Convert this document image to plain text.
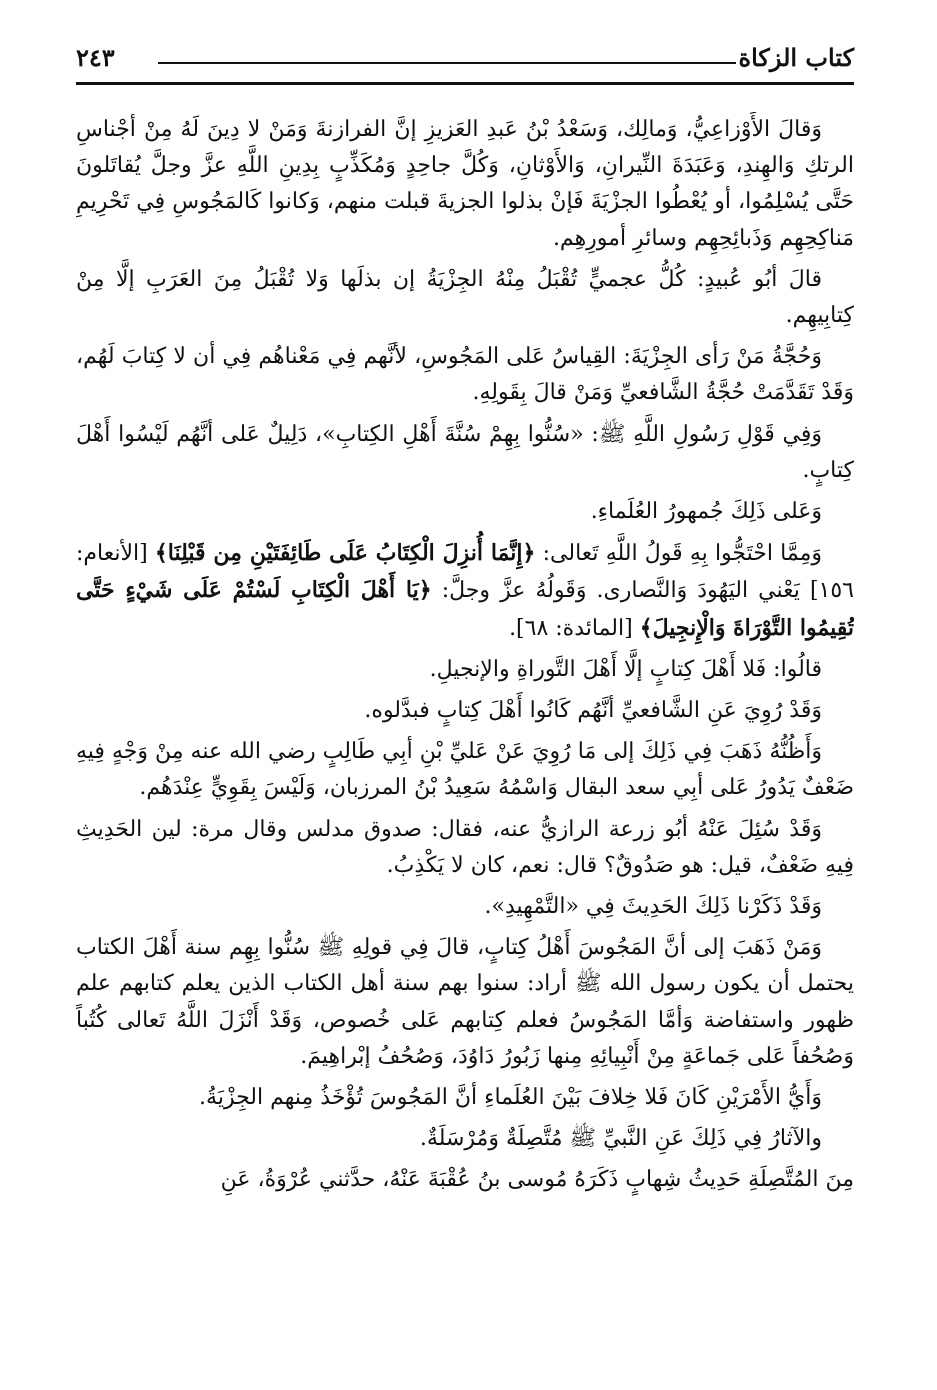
كتاب الزكاة
٢٤٣

وَقالَ الأَوْزاعِيُّ، وَمالِك، وَسَعْدُ بْنُ عَبدِ العَزيزِ إنَّ الفرازنةَ وَمَنْ لا دِينَ لَهُ مِنْ أجْناسِ الرتكِ وَالهِندِ، وَعَبَدَةَ النِّيرانِ، وَالأَوْثانِ، وَكُلَّ جاحِدٍ وَمُكَذِّبٍ بِدِينِ اللَّهِ عزَّ وجلَّ يُقاتَلونَ حَتَّى يُسْلِمُوا، أو يُعْطُوا الجزْيَةَ فَإنْ بذلوا الجزيةَ قبلت منهم، وَكانوا كَالمَجُوسِ فِي تَحْرِيمِ مَناكِحِهِم وَذَبائِحِهِم وسائرِ أمورِهِم.

قالَ أبُو عُبيدٍ: كُلُّ عجميٍّ تُقْبَلُ مِنْهُ الجِزْيَةُ إن بذلَها وَلا تُقْبَلُ مِنَ العَرَبِ إلَّا مِنْ كِتابِيهِم.

وَحُجَّةُ مَنْ رَأى الجِزْيَةَ: القِياسُ عَلى المَجُوسِ، لأنَّهم فِي مَعْناهُم فِي أن لا كِتابَ لَهُم، وَقَدْ تَقَدَّمَتْ حُجَّةُ الشَّافعيِّ وَمَنْ قالَ بِقَولِهِ.

وَفِي قَوْلِ رَسُولِ اللَّهِ ﷺ: «سُنُّوا بِهِمْ سُنَّةَ أَهْلِ الكِتابِ»، دَلِيلٌ عَلى أنَّهُم لَيْسُوا أَهْلَ كِتابٍ.

وَعَلى ذَلِكَ جُمهورُ العُلَماءِ.

وَمِمَّا احْتَجُّوا بِهِ قَولُ اللَّهِ تَعالى: ﴿إِنَّمَا أُنزِلَ الْكِتَابُ عَلَى طَائِفَتَيْنِ مِن قَبْلِنَا﴾ [الأنعام: ١٥٦] يَعْني اليَهُودَ وَالنَّصارى. وَقَولُهُ عزَّ وجلَّ: ﴿يَا أَهْلَ الْكِتَابِ لَسْتُمْ عَلَى شَيْءٍ حَتَّى تُقِيمُوا التَّوْرَاةَ وَالْإِنجِيلَ﴾ [المائدة: ٦٨].

قالُوا: فَلا أَهْلَ كِتابٍ إلَّا أَهْلَ التَّوراةِ والإنجيلِ.

وَقَدْ رُوِيَ عَنِ الشَّافعيِّ أنَّهُم كَانُوا أَهْلَ كِتابٍ فبدَّلوه.

وَأَظُنُّهُ ذَهَبَ فِي ذَلِكَ إلى مَا رُوِيَ عَنْ عَليِّ بْنِ أبِي طَالِبٍ رضي الله عنه مِنْ وَجْهٍ فِيهِ ضَعْفٌ يَدُورُ عَلى أبِي سعد البقال وَاسْمُهُ سَعِيدُ بْنُ المرزبان، وَلَيْسَ بِقَوِيٍّ عِنْدَهُم.

وَقَدْ سُئِلَ عَنْهُ أبُو زرعة الرازيُّ عنه، فقال: صدوق مدلس وقال مرة: لين الحَدِيثِ فِيهِ ضَعْفٌ، قيل: هو صَدُوقٌ؟ قال: نعم، كان لا يَكْذِبُ.

وَقَدْ ذَكَرْنا ذَلِكَ الحَدِيثَ فِي «التَّمْهِيدِ».

وَمَنْ ذَهَبَ إلى أنَّ المَجُوسَ أَهْلُ كِتابٍ، قالَ فِي قولِهِ ﷺ سُنُّوا بِهِم سنة أَهْلَ الكتاب يحتمل أن يكون رسول الله ﷺ أراد: سنوا بهم سنة أهل الكتاب الذين يعلم كتابهم علم ظهور واستفاضة وَأمَّا المَجُوسُ فعلم كِتابهم عَلى خُصوص، وَقَدْ أَنْزَلَ اللَّهُ تَعالى كُتُباً وَصُحُفاً عَلى جَماعَةٍ مِنْ أَنْبِيائِهِ مِنها زَبُورُ دَاوُدَ، وَصُحُفُ إبْراهِيمَ.

وَأَيُّ الأَمْرَيْنِ كَانَ فَلا خِلافَ بَيْنَ العُلَماءِ أنَّ المَجُوسَ تُؤْخَذُ مِنهم الجِزْيَةُ.

والآثارُ فِي ذَلِكَ عَنِ النَّبيِّ ﷺ مُتَّصِلَةٌ وَمُرْسَلَةٌ.

مِنَ المُتَّصِلَةِ حَدِيثُ شِهابٍ ذَكَرَهُ مُوسى بنُ عُقْبَةَ عَنْهُ، حدَّثني عُرْوَةُ، عَنِ
